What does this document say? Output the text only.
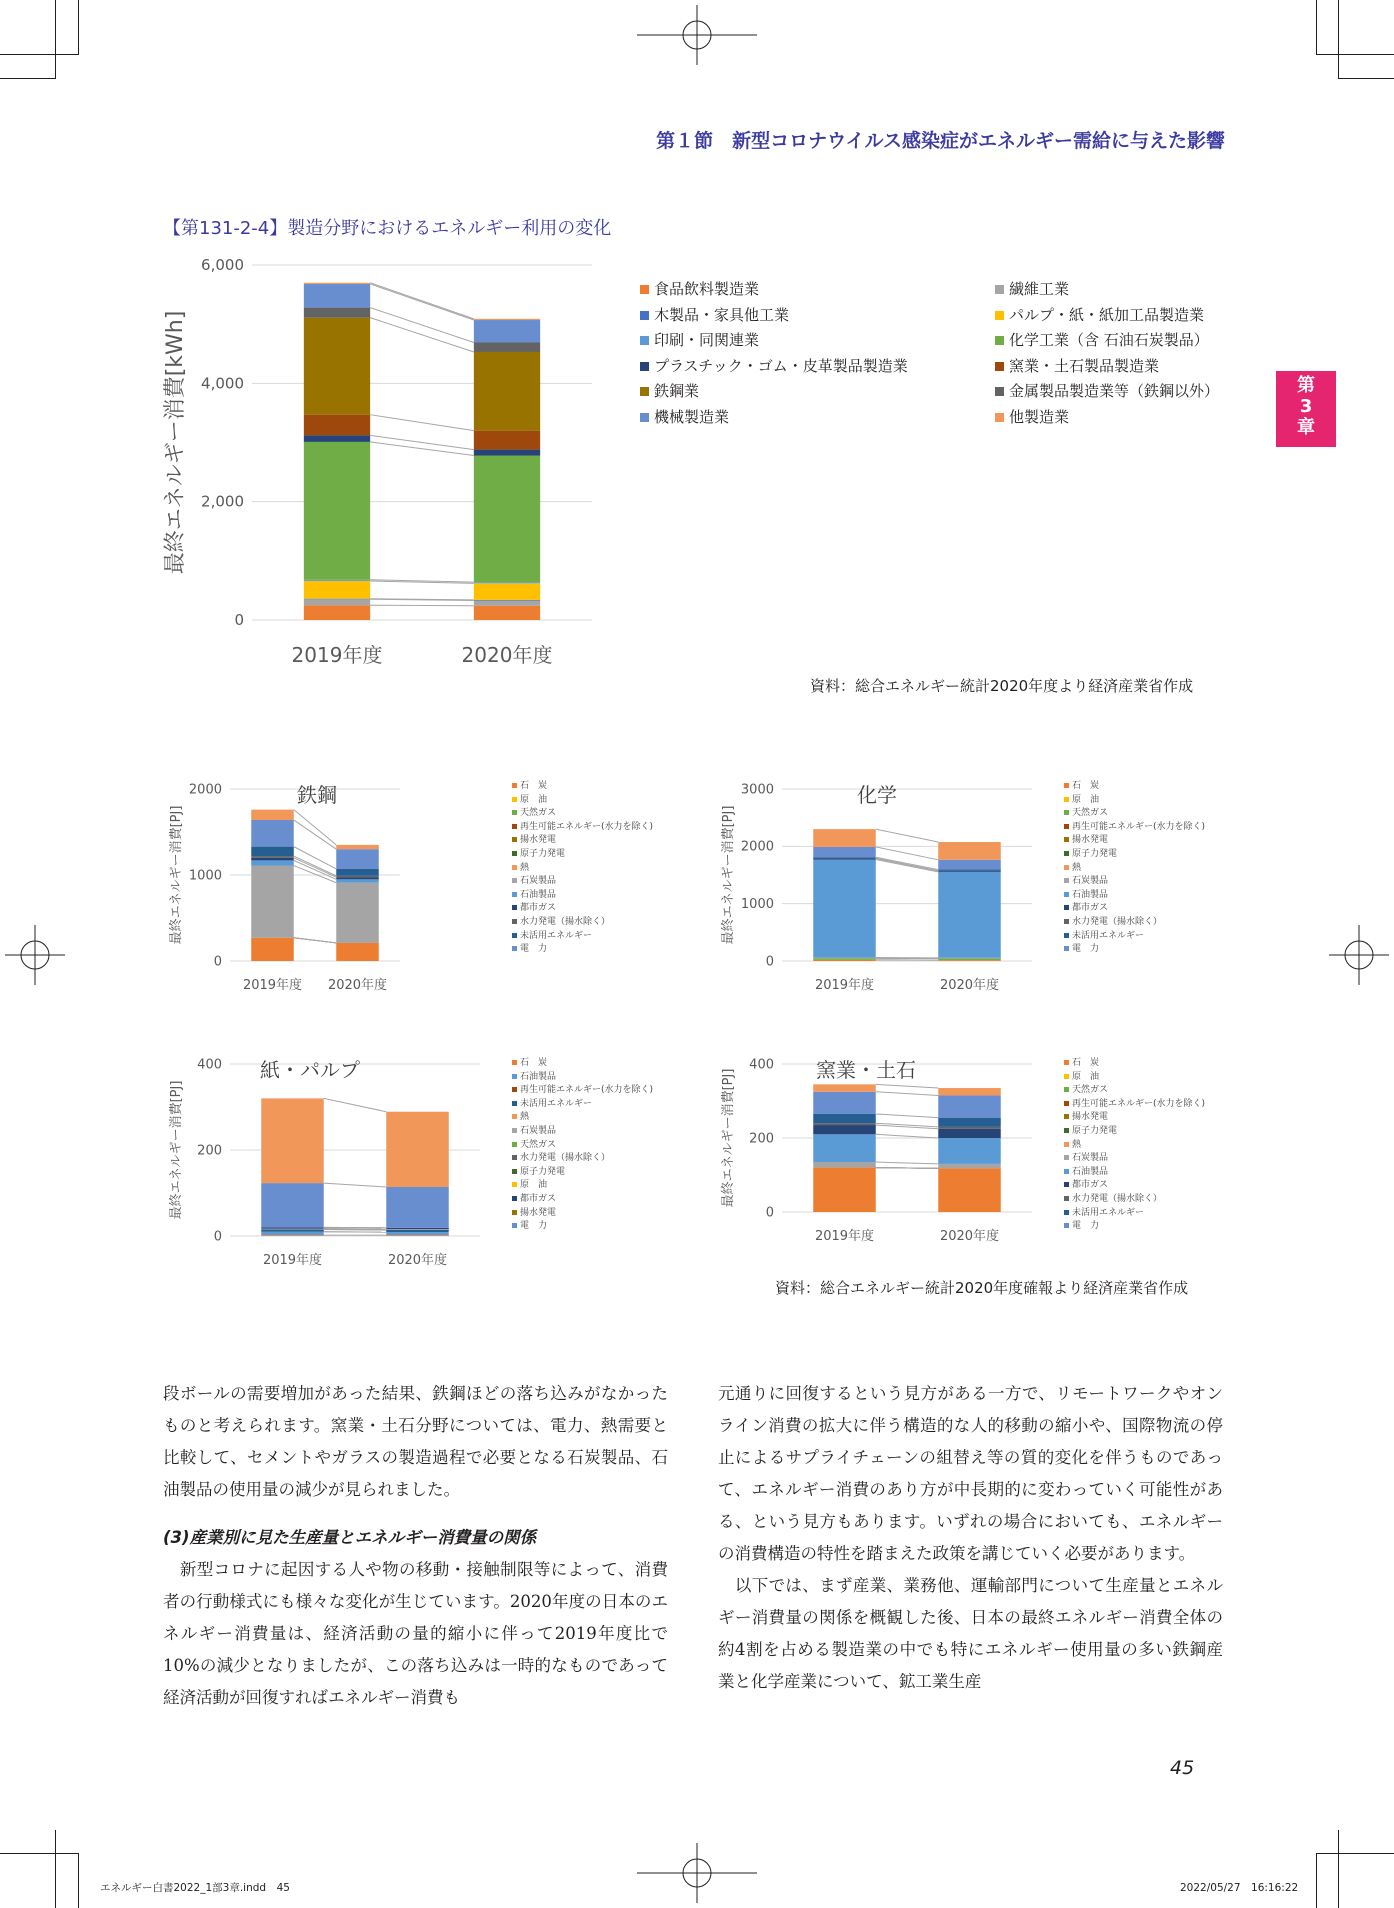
第１節　新型コロナウイルス感染症がエネルギー需給に与えた影響
第
3
章
【第131-2-4】製造分野におけるエネルギー利用の変化
0
2,000
4,000
6,000
最終エネルギー消費[kWh]
2019年度	2020年度
食品飲料製造業	繊維工業
木製品・家具他工業	パルプ・紙・紙加工品製造業
印刷・同関連業	化学工業（含 石油石炭製品）
プラスチック・ゴム・皮革製品製造業	窯業・土石製品製造業
鉄鋼業	金属製品製造業等（鉄鋼以外）
機械製造業	他製造業
資料：総合エネルギー統計2020年度より経済産業省作成
0
1000
2000
最終エネルギー消費[PJ]
鉄鋼
2019年度 2020年度
石　炭
原　油
天然ガス
再生可能エネルギー(水力を除く)
揚水発電
原子力発電
熱
石炭製品
石油製品
都市ガス
水力発電（揚水除く）
未活用エネルギー
電　力
0
1000
2000
3000
最終エネルギー消費[PJ]
化学
2019年度	2020年度
石　炭
原　油
天然ガス
再生可能エネルギー(水力を除く)
揚水発電
原子力発電
熱
石炭製品
石油製品
都市ガス
水力発電（揚水除く）
未活用エネルギー
電　力
0
200
400
最終エネルギー消費[PJ]
紙・パルプ
2019年度	2020年度
石　炭
石油製品
再生可能エネルギー(水力を除く)
未活用エネルギー
熱
石炭製品
天然ガス
水力発電（揚水除く）
原子力発電
原　油
都市ガス
揚水発電
電　力
0
200
400
最終エネルギー消費[PJ]	窯業・土石
2019年度	2020年度
石　炭
原　油
天然ガス
再生可能エネルギー(水力を除く)
揚水発電
原子力発電
熱
石炭製品
石油製品
都市ガス
水力発電（揚水除く）
未活用エネルギー
電　力
資料：総合エネルギー統計2020年度確報より経済産業省作成

段ボールの需要増加があった結果、鉄鋼ほどの落ち込みがなかったものと考えられます。窯業・土石分野については、電力、熱需要と比較して、セメントやガラスの製造過程で必要となる石炭製品、石油製品の使用量の減少が見られました。

(3)産業別に見た生産量とエネルギー消費量の関係

　新型コロナに起因する人や物の移動・接触制限等によって、消費者の行動様式にも様々な変化が生じています。2020年度の日本のエネルギー消費量は、経済活動の量的縮小に伴って2019年度比で10%の減少となりましたが、この落ち込みは一時的なものであって経済活動が回復すればエネルギー消費も

元通りに回復するという見方がある一方で、リモートワークやオンライン消費の拡大に伴う構造的な人的移動の縮小や、国際物流の停止によるサプライチェーンの組替え等の質的変化を伴うものであって、エネルギー消費のあり方が中長期的に変わっていく可能性がある、という見方もあります。いずれの場合においても、エネルギーの消費構造の特性を踏まえた政策を講じていく必要があります。

　以下では、まず産業、業務他、運輸部門について生産量とエネルギー消費量の関係を概観した後、日本の最終エネルギー消費全体の約4割を占める製造業の中でも特にエネルギー使用量の多い鉄鋼産業と化学産業について、鉱工業生産

45
エネルギー白書2022_1部3章.indd　45	2022/05/27　16:16:22
